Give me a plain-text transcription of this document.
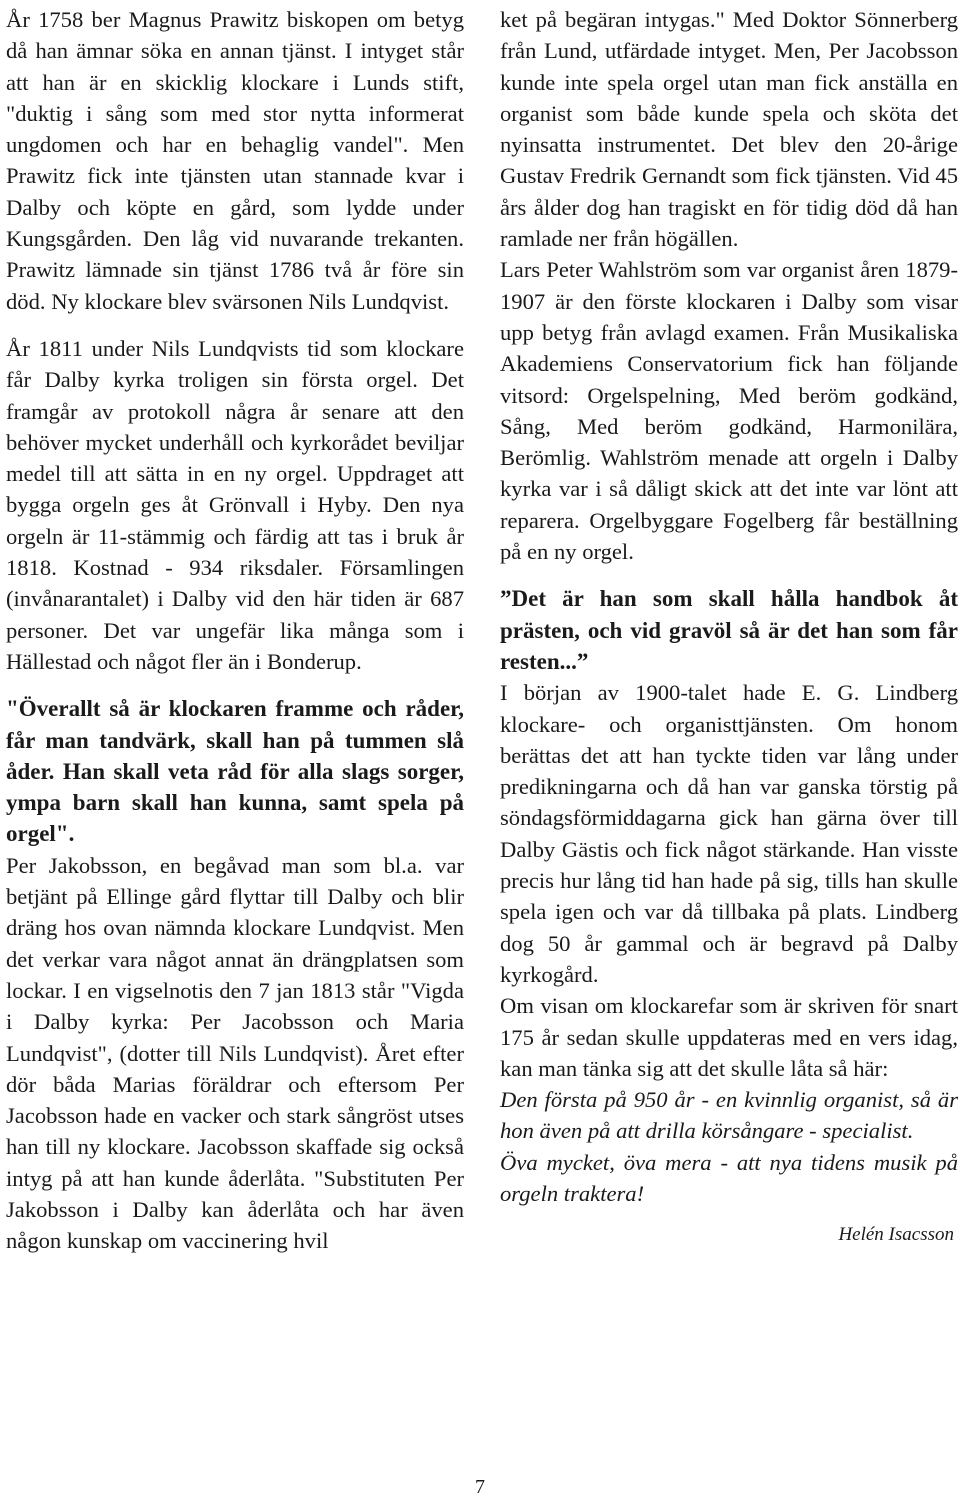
År 1758 ber Magnus Prawitz biskopen om betyg då han ämnar söka en annan tjänst. I intyget står att han är en skicklig klockare i Lunds stift, "duktig i sång som med stor nytta informerat ungdomen och har en behaglig vandel". Men Prawitz fick inte tjänsten utan stannade kvar i Dalby och köpte en gård, som lydde under Kungsgården. Den låg vid nuvarande trekanten. Prawitz lämnade sin tjänst 1786 två år före sin död. Ny klockare blev svärsonen Nils Lundqvist.

År 1811 under Nils Lundqvists tid som klockare får Dalby kyrka troligen sin första orgel. Det framgår av protokoll några år senare att den behöver mycket underhåll och kyrkorådet beviljar medel till att sätta in en ny orgel. Uppdraget att bygga orgeln ges åt Grönvall i Hyby. Den nya orgeln är 11-stämmig och färdig att tas i bruk år 1818. Kostnad - 934 riksdaler. Församlingen (invånarantalet) i Dalby vid den här tiden är 687 personer. Det var ungefär lika många som i Hällestad och något fler än i Bonderup.

"Överallt så är klockaren framme och råder, får man tandvärk, skall han på tummen slå åder. Han skall veta råd för alla slags sorger, ympa barn skall han kunna, samt spela på orgel".

Per Jakobsson, en begåvad man som bl.a. var betjänt på Ellinge gård flyttar till Dalby och blir dräng hos ovan nämnda klockare Lundqvist. Men det verkar vara något annat än drängplatsen som lockar. I en vigselnotis den 7 jan 1813 står "Vigda i Dalby kyrka: Per Jacobsson och Maria Lundqvist", (dotter till Nils Lundqvist). Året efter dör båda Marias föräldrar och eftersom Per Jacobsson hade en vacker och stark sångröst utses han till ny klockare. Jacobsson skaffade sig också intyg på att han kunde åderlåta. "Substituten Per Jakobsson i Dalby kan åderlåta och har även någon kunskap om vaccinering hvil

ket på begäran intygas." Med Doktor Sönnerberg från Lund, utfärdade intyget. Men, Per Jacobsson kunde inte spela orgel utan man fick anställa en organist som både kunde spela och sköta det nyinsatta instrumentet. Det blev den 20-årige Gustav Fredrik Gernandt som fick tjänsten. Vid 45 års ålder dog han tragiskt en för tidig död då han ramlade ner från högällen.

Lars Peter Wahlström som var organist åren 1879-1907 är den förste klockaren i Dalby som visar upp betyg från avlagd examen. Från Musikaliska Akademiens Conservatorium fick han följande vitsord: Orgelspelning, Med beröm godkänd, Sång, Med beröm godkänd, Harmonilära, Berömlig. Wahlström menade att orgeln i Dalby kyrka var i så dåligt skick att det inte var lönt att reparera. Orgelbyggare Fogelberg får beställning på en ny orgel.

”Det är han som skall hålla handbok åt prästen, och vid gravöl så är det han som får resten...”

I början av 1900-talet hade E. G. Lindberg klockare- och organisttjänsten. Om honom berättas det att han tyckte tiden var lång under predikningarna och då han var ganska törstig på söndagsförmiddagarna gick han gärna över till Dalby Gästis och fick något stärkande. Han visste precis hur lång tid han hade på sig, tills han skulle spela igen och var då tillbaka på plats. Lindberg dog 50 år gammal och är begravd på Dalby kyrkogård.

Om visan om klockarefar som är skriven för snart 175 år sedan skulle uppdateras med en vers idag, kan man tänka sig att det skulle låta så här:

Den första på 950 år - en kvinnlig organist, så är hon även på att drilla körsångare - specialist.

Öva mycket, öva mera - att nya tidens musik på orgeln traktera!

Helén Isacsson

7
